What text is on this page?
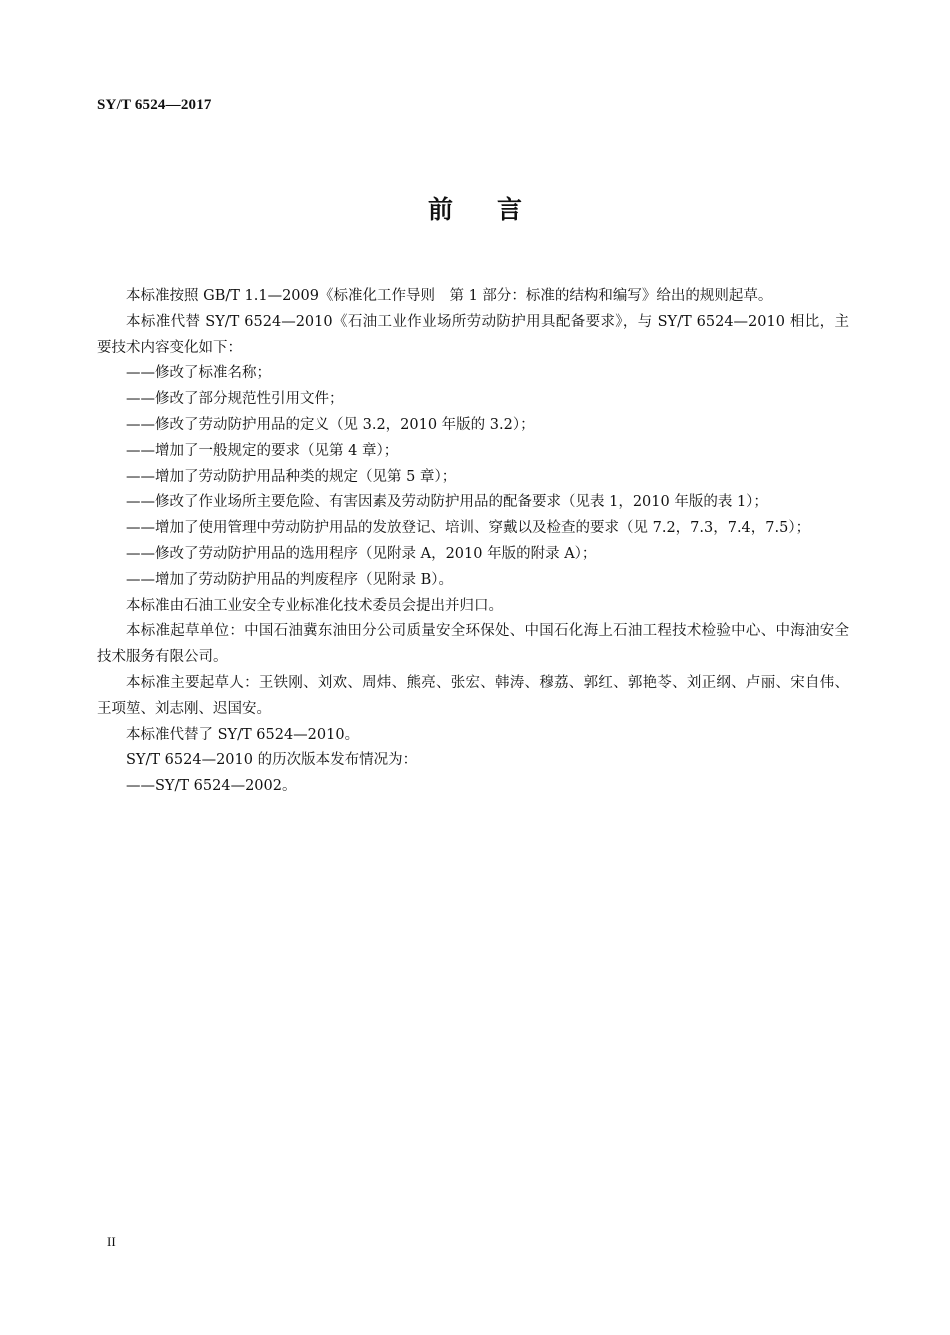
SY/T 6524—2017
前言

本标准按照 GB/T 1.1—2009《标准化工作导则　第 1 部分：标准的结构和编写》给出的规则起草。

本标准代替 SY/T 6524—2010《石油工业作业场所劳动防护用具配备要求》，与 SY/T 6524—2010 相比，主要技术内容变化如下：

——修改了标准名称；

——修改了部分规范性引用文件；

——修改了劳动防护用品的定义（见 3.2，2010 年版的 3.2）；

——增加了一般规定的要求（见第 4 章）；

——增加了劳动防护用品种类的规定（见第 5 章）；

——修改了作业场所主要危险、有害因素及劳动防护用品的配备要求（见表 1，2010 年版的表 1）；

——增加了使用管理中劳动防护用品的发放登记、培训、穿戴以及检查的要求（见 7.2，7.3，7.4，7.5）；

——修改了劳动防护用品的选用程序（见附录 A，2010 年版的附录 A）；

——增加了劳动防护用品的判废程序（见附录 B）。

本标准由石油工业安全专业标准化技术委员会提出并归口。

本标准起草单位：中国石油冀东油田分公司质量安全环保处、中国石化海上石油工程技术检验中心、中海油安全技术服务有限公司。

本标准主要起草人：王铁刚、刘欢、周炜、熊亮、张宏、韩涛、穆荔、郭红、郭艳苓、刘正纲、卢丽、宋自伟、王项堃、刘志刚、迟国安。

本标准代替了 SY/T 6524—2010。

SY/T 6524—2010 的历次版本发布情况为：

——SY/T 6524—2002。

II
